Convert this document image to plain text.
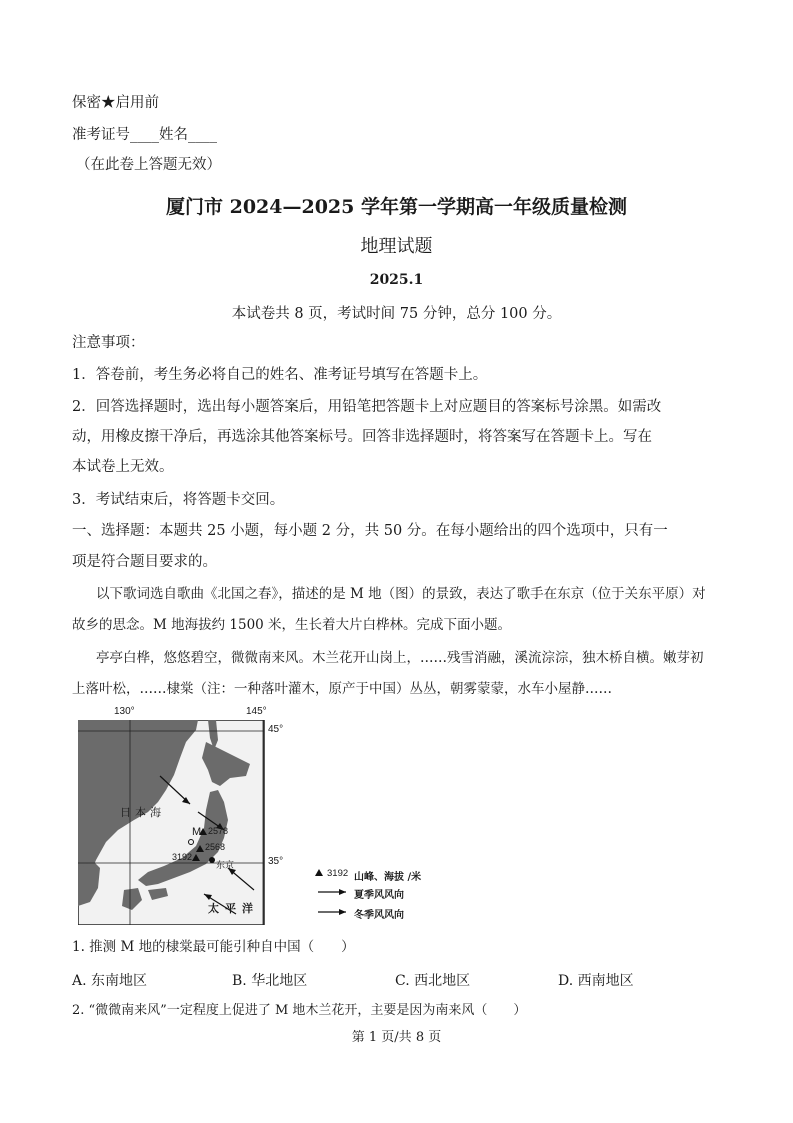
保密★启用前
准考证号____姓名____
（在此卷上答题无效）
厦门市 2024—2025 学年第一学期高一年级质量检测
地理试题
2025.1
本试卷共 8 页，考试时间 75 分钟，总分 100 分。
注意事项：
1．答卷前，考生务必将自己的姓名、准考证号填写在答题卡上。
2．回答选择题时，选出每小题答案后，用铅笔把答题卡上对应题目的答案标号涂黑。如需改
动，用橡皮擦干净后，再选涂其他答案标号。回答非选择题时，将答案写在答题卡上。写在
本试卷上无效。
3．考试结束后，将答题卡交回。
一、选择题：本题共 25 小题，每小题 2 分，共 50 分。在每小题给出的四个选项中，只有一
项是符合题目要求的。
以下歌词选自歌曲《北国之春》，描述的是 M 地（图）的景致，表达了歌手在东京（位于关东平原）对
故乡的思念。M 地海拔约 1500 米，生长着大片白桦林。完成下面小题。
亭亭白桦，悠悠碧空，微微南来风。木兰花开山岗上，……残雪消融，溪流淙淙，独木桥自横。嫩芽初
上落叶松，……棣棠（注：一种落叶灌木，原产于中国）丛丛，朝雾蒙蒙，水车小屋静……
130°	145°
45°
35°
日本海
太平洋
M 2578
2568
3192
东京
3192 山峰、海拔 /米
夏季风风向
冬季风风向
1. 推测 M 地的棣棠最可能引种自中国（　　）
A. 东南地区	B. 华北地区	C. 西北地区	D. 西南地区
2. “微微南来风”一定程度上促进了 M 地木兰花开，主要是因为南来风（　　）
第 1 页/共 8 页
